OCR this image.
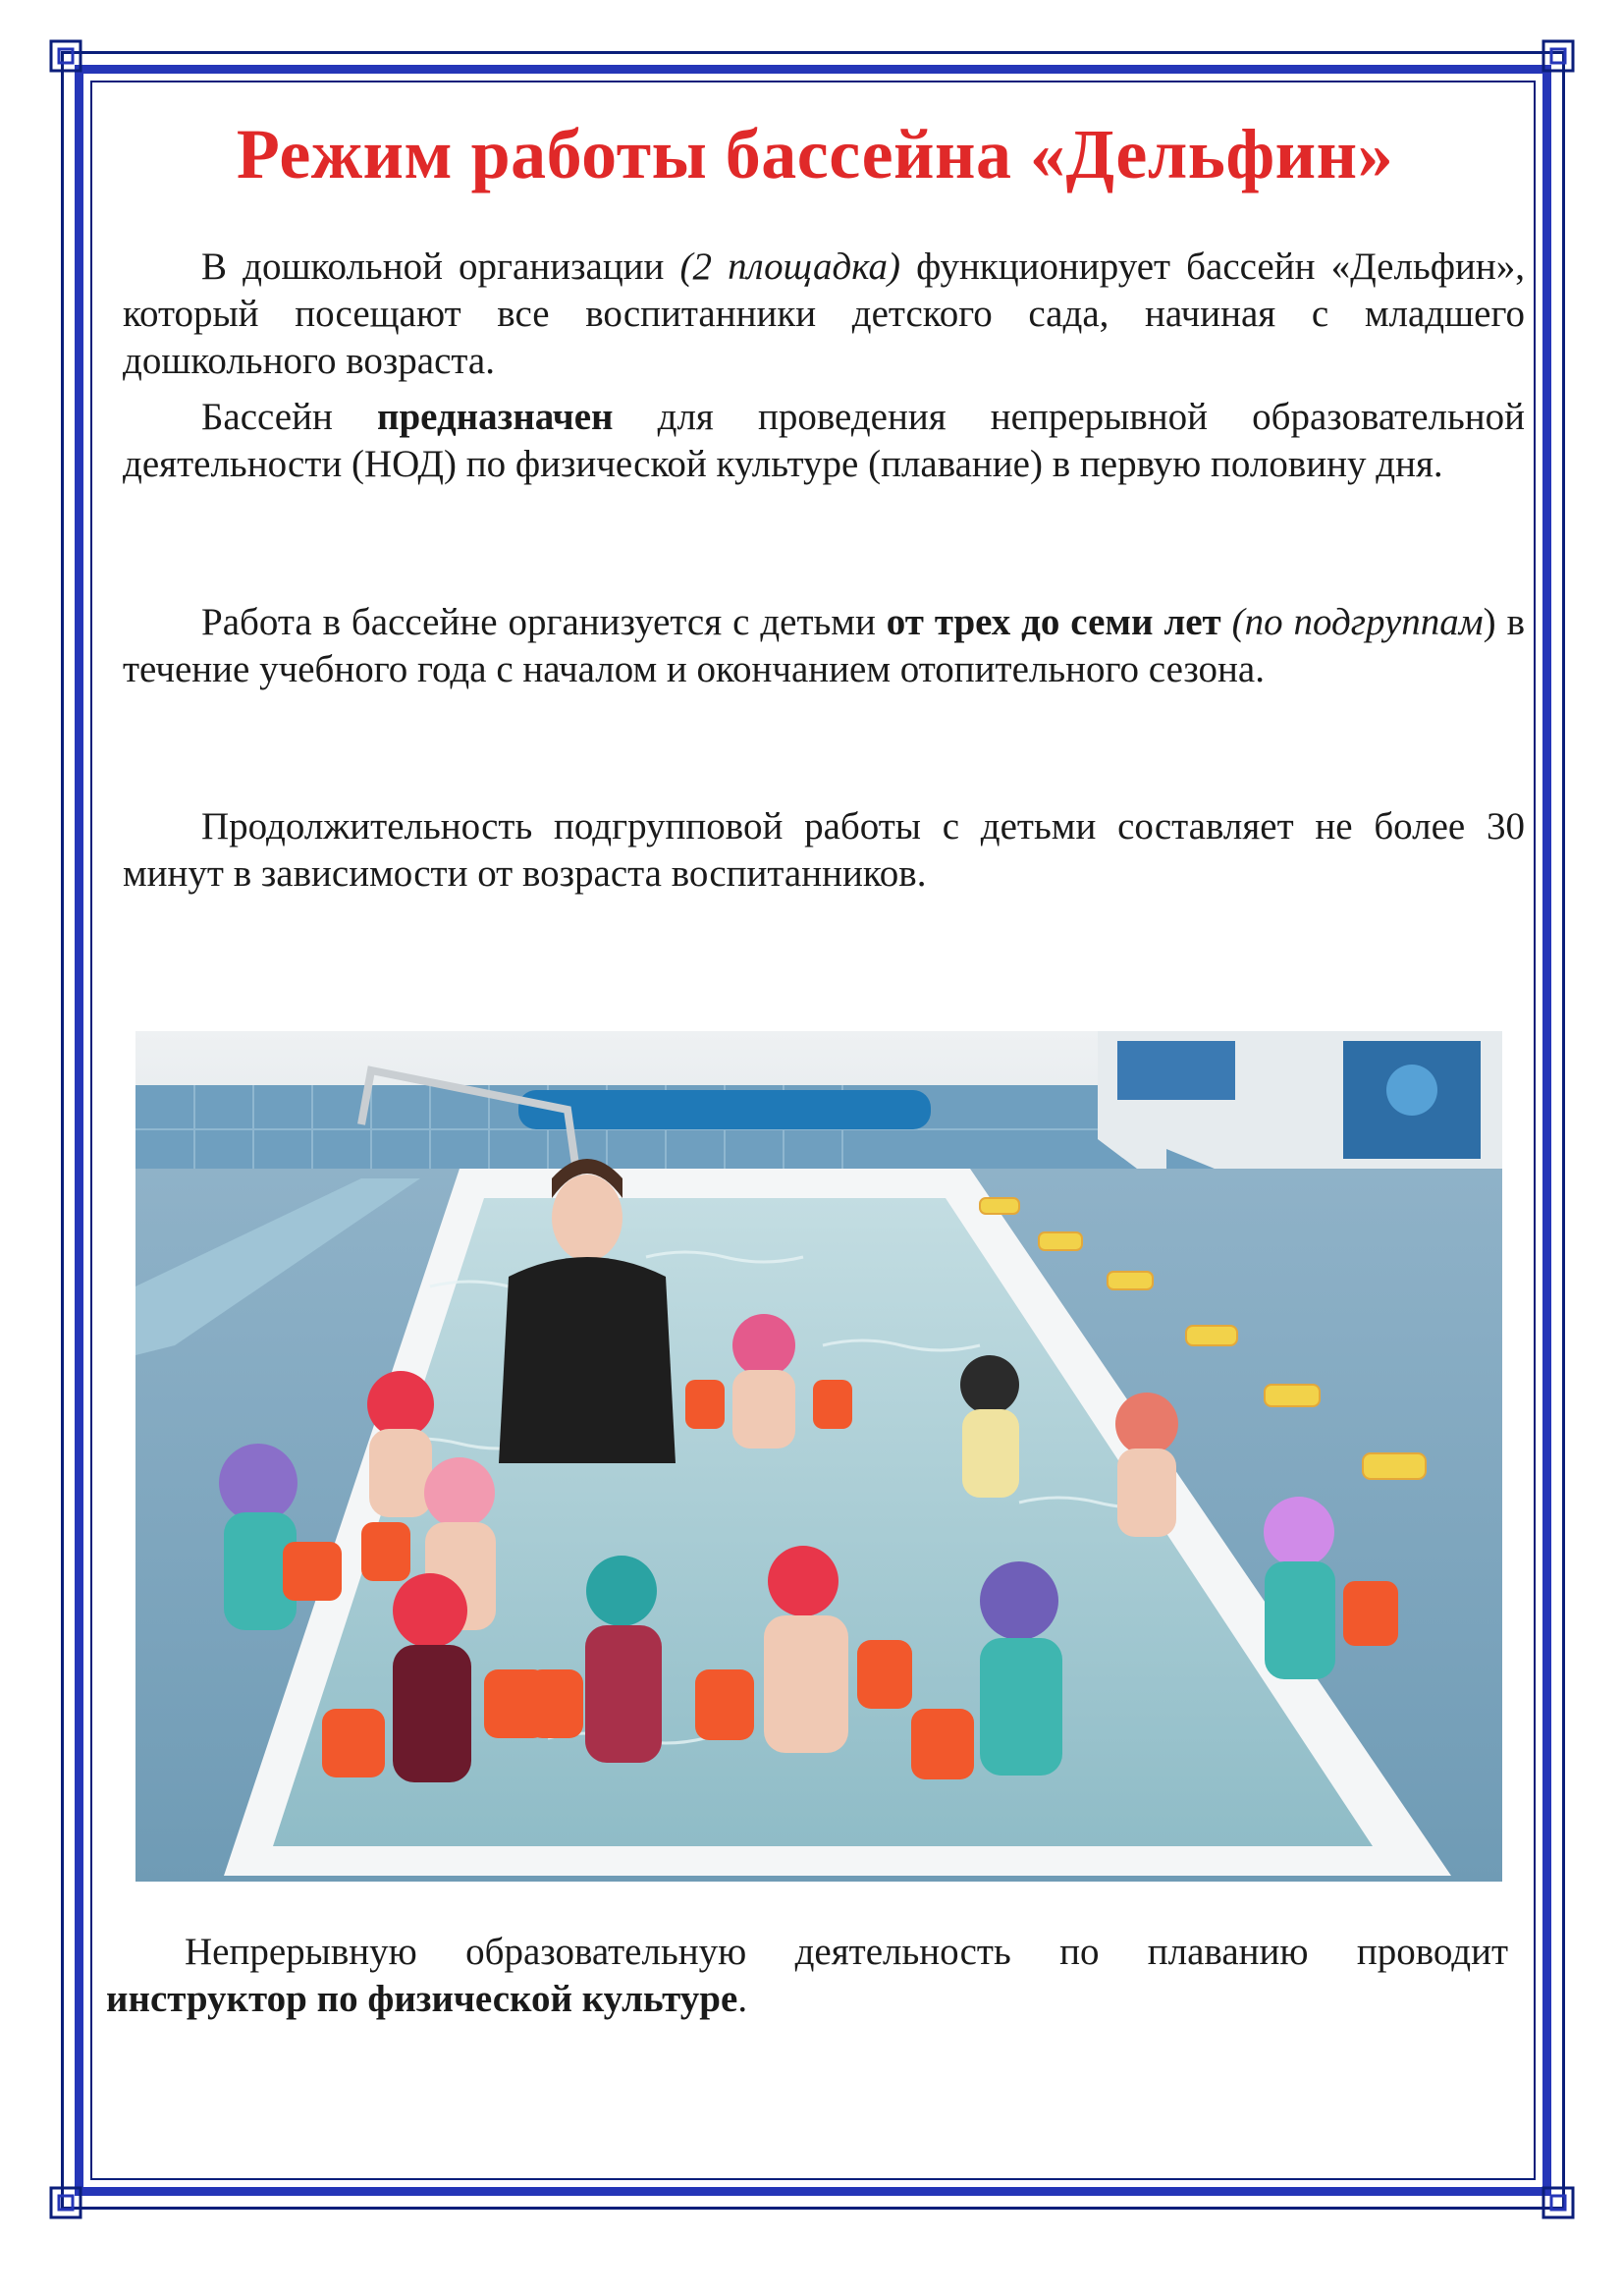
Режим работы бассейна «Дельфин»
В дошкольной организации (2 площадка) функционирует бассейн «Дельфин», который посещают все воспитанники детского сада, начиная с младшего дошкольного возраста.
Бассейн предназначен для проведения непрерывной образовательной деятельности (НОД) по физической культуре (плавание) в первую половину дня.
Работа в бассейне организуется с детьми от трех до семи лет (по подгруппам) в течение учебного года с началом и окончанием отопительного сезона.
Продолжительность подгрупповой работы с детьми составляет не более 30 минут в зависимости от возраста воспитанников.
Непрерывную образовательную деятельность по плаванию проводит инструктор по физической культуре.
